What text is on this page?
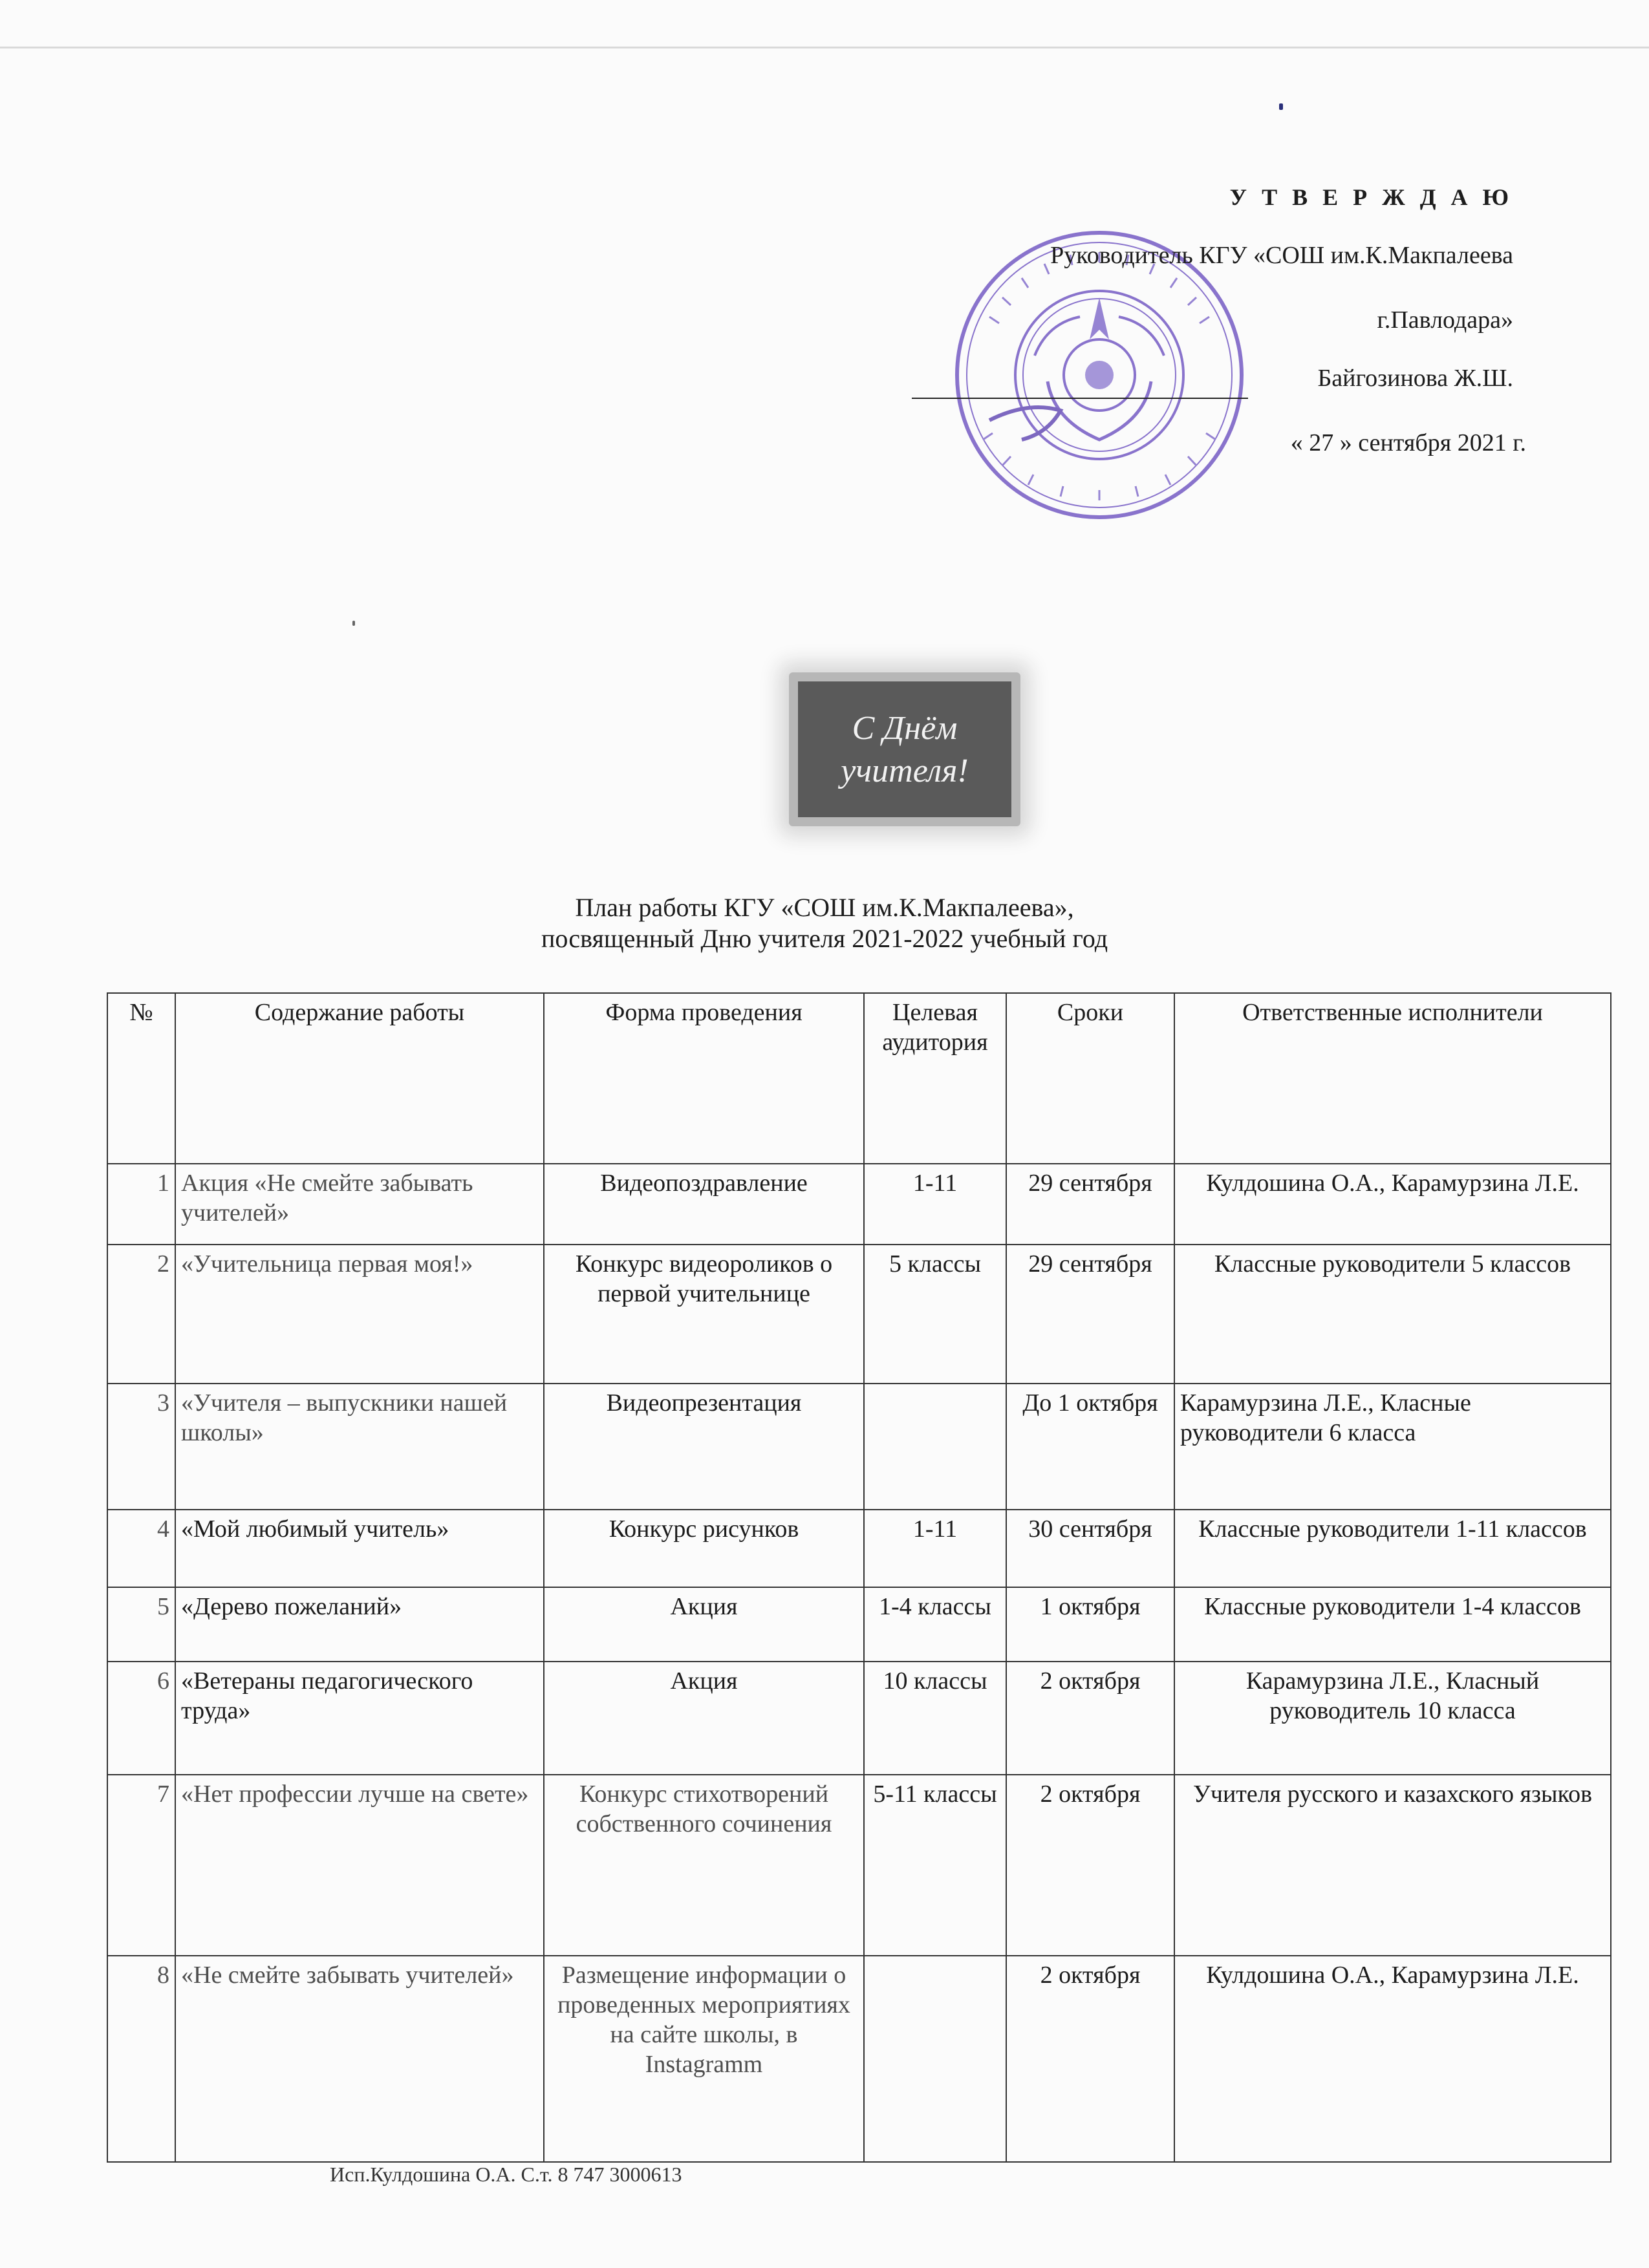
У Т В Е Р Ж Д А Ю
Руководитель КГУ «СОШ им.К.Макпалеева
г.Павлодара»
Байгозинова Ж.Ш.
« 27 » сентября 2021 г.
С Днём
учителя!
План работы КГУ «СОШ им.К.Макпалеева»,
посвященный Дню учителя 2021-2022 учебный год
№	Содержание работы	Форма проведения	Целевая аудитория	Сроки	Ответственные исполнители
1	Акция «Не смейте забывать учителей»	Видеопоздравление	1-11	29 сентября	Кулдошина О.А., Карамурзина Л.Е.
2	«Учительница первая моя!»	Конкурс видеороликов о первой учительнице	5 классы	29 сентября	Классные руководители 5 классов
3	«Учителя – выпускники нашей школы»	Видеопрезентация		До 1 октября	Карамурзина Л.Е., Класные руководители 6 класса
4	«Мой любимый учитель»	Конкурс рисунков	1-11	30 сентября	Классные руководители 1-11 классов
5	«Дерево пожеланий»	Акция	1-4 классы	1 октября	Классные руководители 1-4 классов
6	«Ветераны педагогического труда»	Акция	10 классы	2 октября	Карамурзина Л.Е., Класный руководитель 10 класса
7	«Нет профессии лучше на свете»	Конкурс стихотворений собственного сочинения	5-11 классы	2 октября	Учителя русского и казахского языков
8	«Не смейте забывать учителей»	Размещение информации о проведенных мероприятиях на сайте школы, в Instagramm		2 октября	Кулдошина О.А., Карамурзина Л.Е.
Исп.Кулдошина О.А. С.т. 8 747 3000613
